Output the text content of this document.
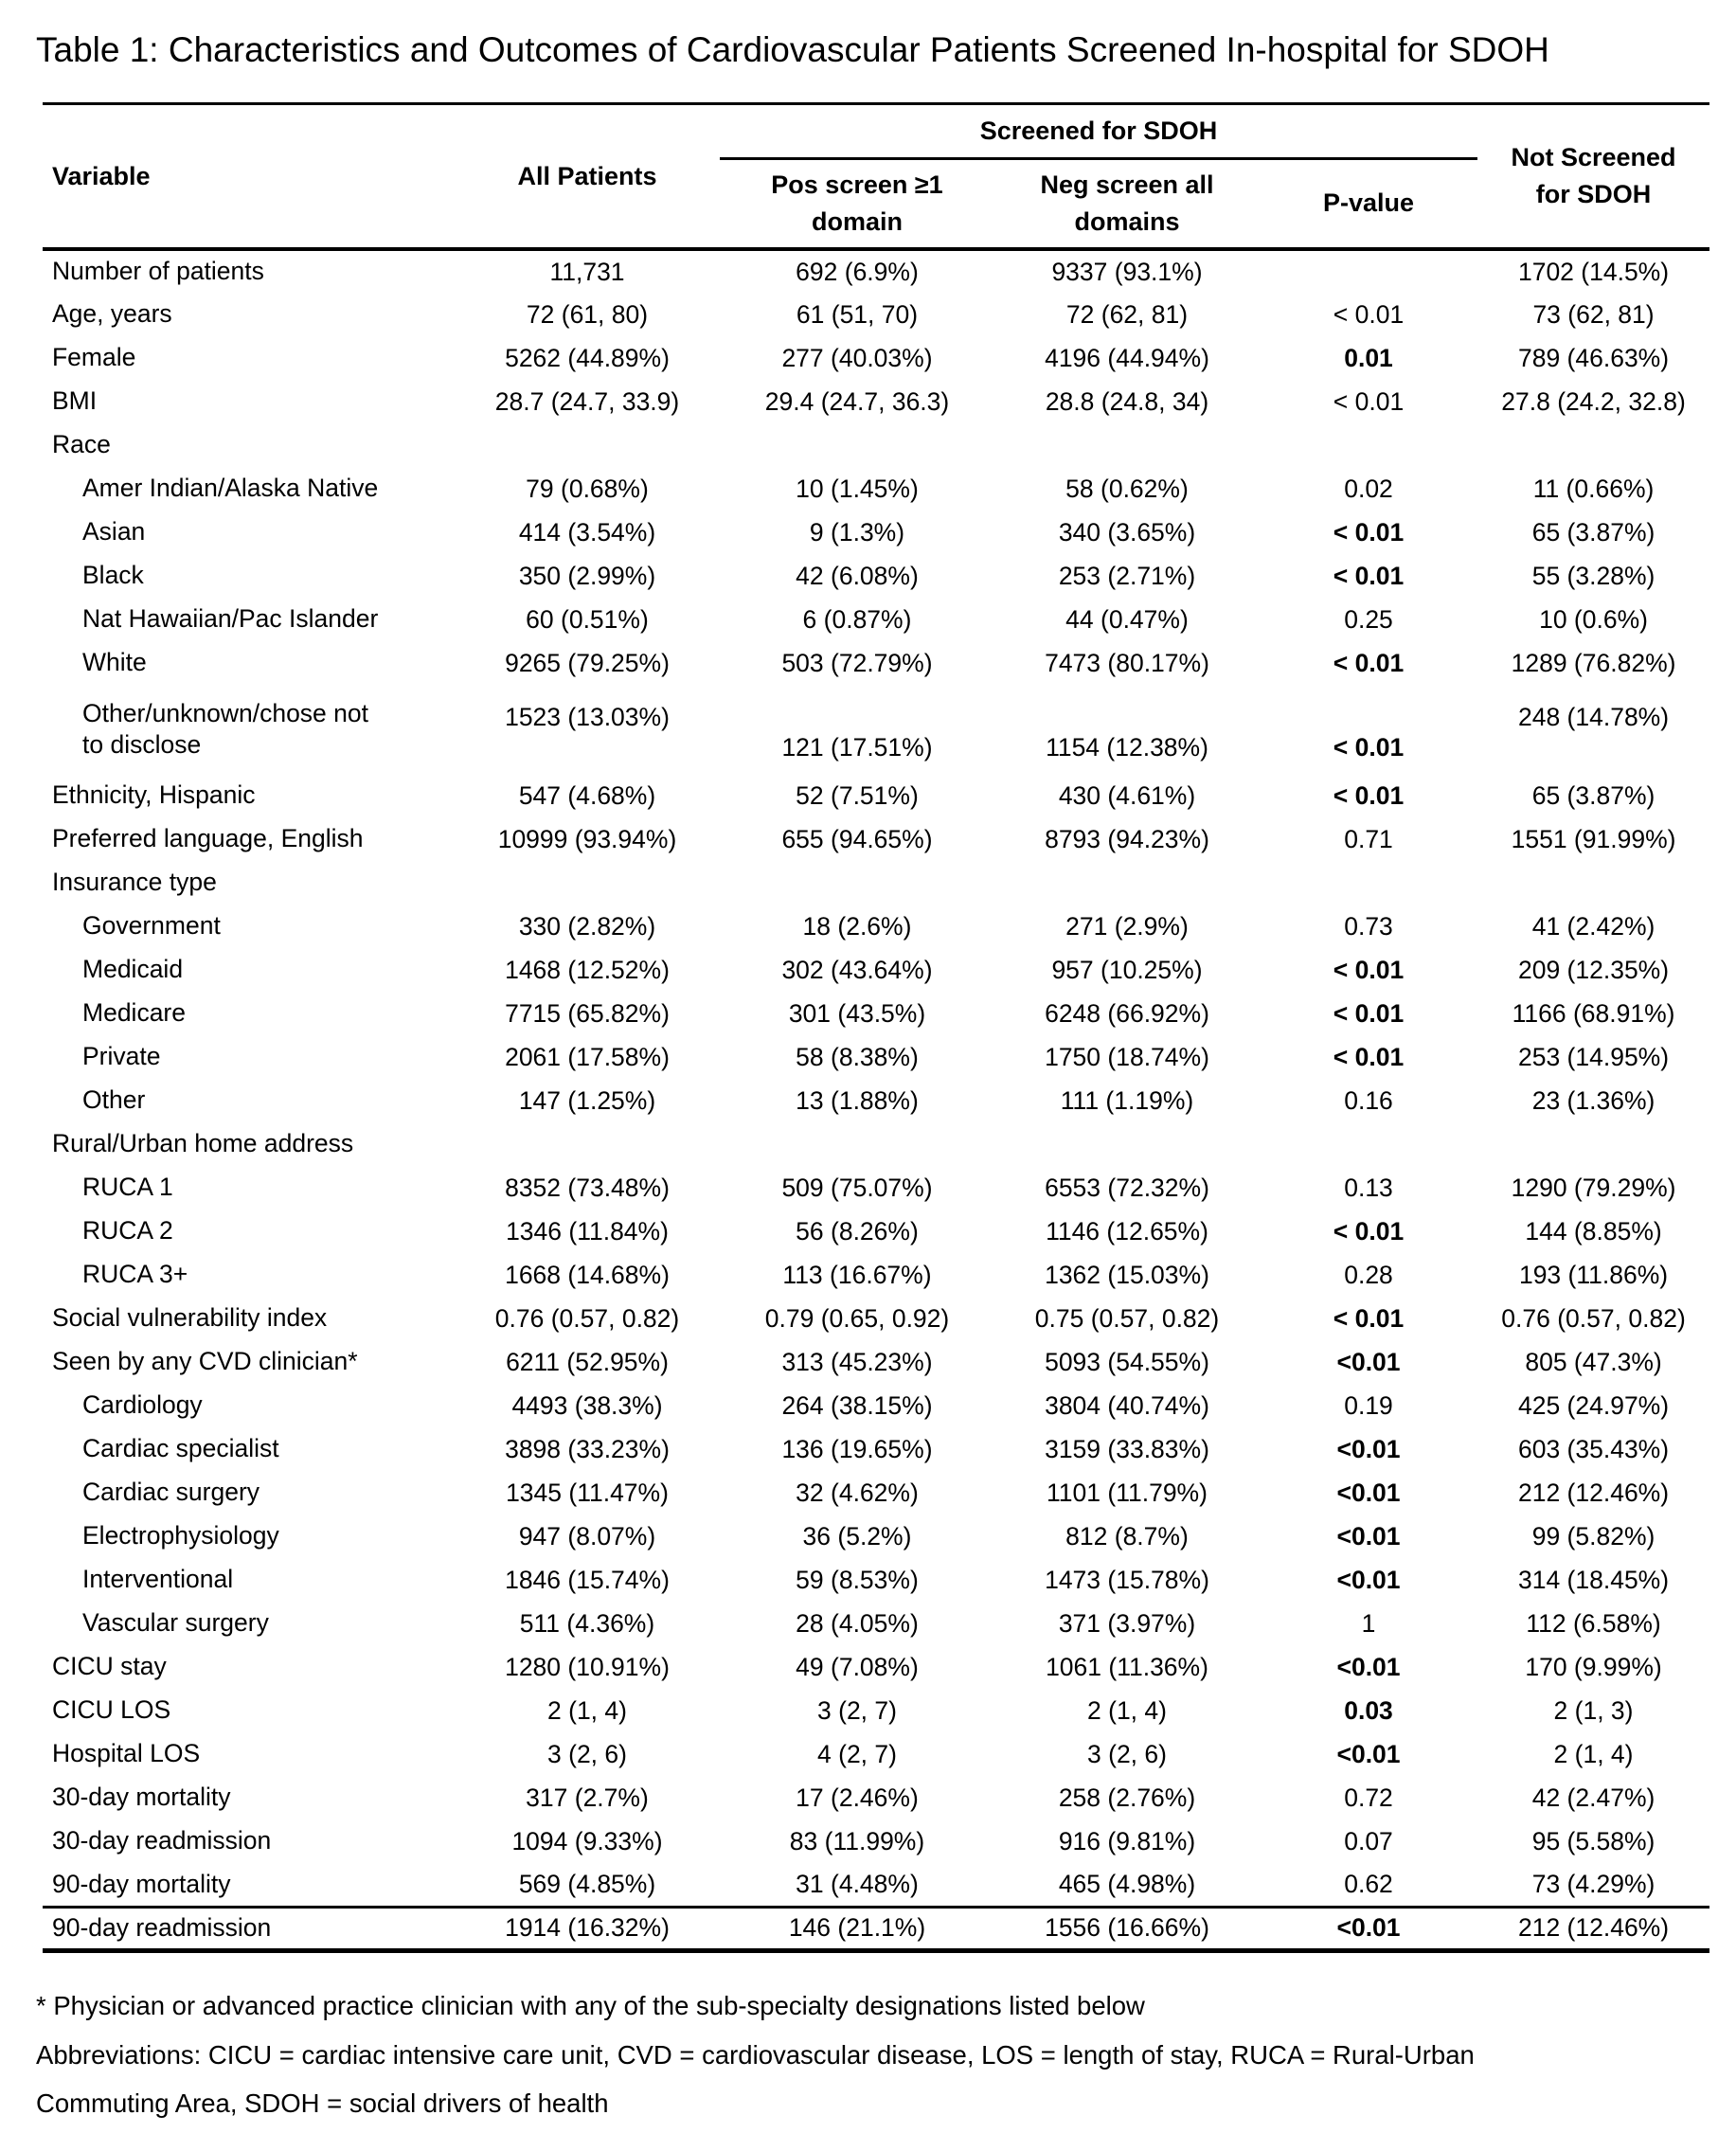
Table 1: Characteristics and Outcomes of Cardiovascular Patients Screened In-hospital for SDOH
Variable	All Patients	Screened for SDOH			Not Screened for SDOH
		Pos screen ≥1 domain	Neg screen all domains	P-value	
Number of patients	11,731	692 (6.9%)	9337 (93.1%)		1702 (14.5%)
Age, years	72 (61, 80)	61 (51, 70)	72 (62, 81)	< 0.01	73 (62, 81)
Female	5262 (44.89%)	277 (40.03%)	4196 (44.94%)	0.01	789 (46.63%)
BMI	28.7 (24.7, 33.9)	29.4 (24.7, 36.3)	28.8 (24.8, 34)	< 0.01	27.8 (24.2, 32.8)
Race					
Amer Indian/Alaska Native	79 (0.68%)	10 (1.45%)	58 (0.62%)	0.02	11 (0.66%)
Asian	414 (3.54%)	9 (1.3%)	340 (3.65%)	< 0.01	65 (3.87%)
Black	350 (2.99%)	42 (6.08%)	253 (2.71%)	< 0.01	55 (3.28%)
Nat Hawaiian/Pac Islander	60 (0.51%)	6 (0.87%)	44 (0.47%)	0.25	10 (0.6%)
White	9265 (79.25%)	503 (72.79%)	7473 (80.17%)	< 0.01	1289 (76.82%)
Other/unknown/chose not to disclose	1523 (13.03%)	121 (17.51%)	1154 (12.38%)	< 0.01	248 (14.78%)
Ethnicity, Hispanic	547 (4.68%)	52 (7.51%)	430 (4.61%)	< 0.01	65 (3.87%)
Preferred language, English	10999 (93.94%)	655 (94.65%)	8793 (94.23%)	0.71	1551 (91.99%)
Insurance type					
Government	330 (2.82%)	18 (2.6%)	271 (2.9%)	0.73	41 (2.42%)
Medicaid	1468 (12.52%)	302 (43.64%)	957 (10.25%)	< 0.01	209 (12.35%)
Medicare	7715 (65.82%)	301 (43.5%)	6248 (66.92%)	< 0.01	1166 (68.91%)
Private	2061 (17.58%)	58 (8.38%)	1750 (18.74%)	< 0.01	253 (14.95%)
Other	147 (1.25%)	13 (1.88%)	111 (1.19%)	0.16	23 (1.36%)
Rural/Urban home address					
RUCA 1	8352 (73.48%)	509 (75.07%)	6553 (72.32%)	0.13	1290 (79.29%)
RUCA 2	1346 (11.84%)	56 (8.26%)	1146 (12.65%)	< 0.01	144 (8.85%)
RUCA 3+	1668 (14.68%)	113 (16.67%)	1362 (15.03%)	0.28	193 (11.86%)
Social vulnerability index	0.76 (0.57, 0.82)	0.79 (0.65, 0.92)	0.75 (0.57, 0.82)	< 0.01	0.76 (0.57, 0.82)
Seen by any CVD clinician*	6211 (52.95%)	313 (45.23%)	5093 (54.55%)	<0.01	805 (47.3%)
Cardiology	4493 (38.3%)	264 (38.15%)	3804 (40.74%)	0.19	425 (24.97%)
Cardiac specialist	3898 (33.23%)	136 (19.65%)	3159 (33.83%)	<0.01	603 (35.43%)
Cardiac surgery	1345 (11.47%)	32 (4.62%)	1101 (11.79%)	<0.01	212 (12.46%)
Electrophysiology	947 (8.07%)	36 (5.2%)	812 (8.7%)	<0.01	99 (5.82%)
Interventional	1846 (15.74%)	59 (8.53%)	1473 (15.78%)	<0.01	314 (18.45%)
Vascular surgery	511 (4.36%)	28 (4.05%)	371 (3.97%)	1	112 (6.58%)
CICU stay	1280 (10.91%)	49 (7.08%)	1061 (11.36%)	<0.01	170 (9.99%)
CICU LOS	2 (1, 4)	3 (2, 7)	2 (1, 4)	0.03	2 (1, 3)
Hospital LOS	3 (2, 6)	4 (2, 7)	3 (2, 6)	<0.01	2 (1, 4)
30-day mortality	317 (2.7%)	17 (2.46%)	258 (2.76%)	0.72	42 (2.47%)
30-day readmission	1094 (9.33%)	83 (11.99%)	916 (9.81%)	0.07	95 (5.58%)
90-day mortality	569 (4.85%)	31 (4.48%)	465 (4.98%)	0.62	73 (4.29%)
90-day readmission	1914 (16.32%)	146 (21.1%)	1556 (16.66%)	<0.01	212 (12.46%)

* Physician or advanced practice clinician with any of the sub-specialty designations listed below

Abbreviations: CICU = cardiac intensive care unit, CVD = cardiovascular disease, LOS = length of stay, RUCA = Rural-Urban Commuting Area, SDOH = social drivers of health
